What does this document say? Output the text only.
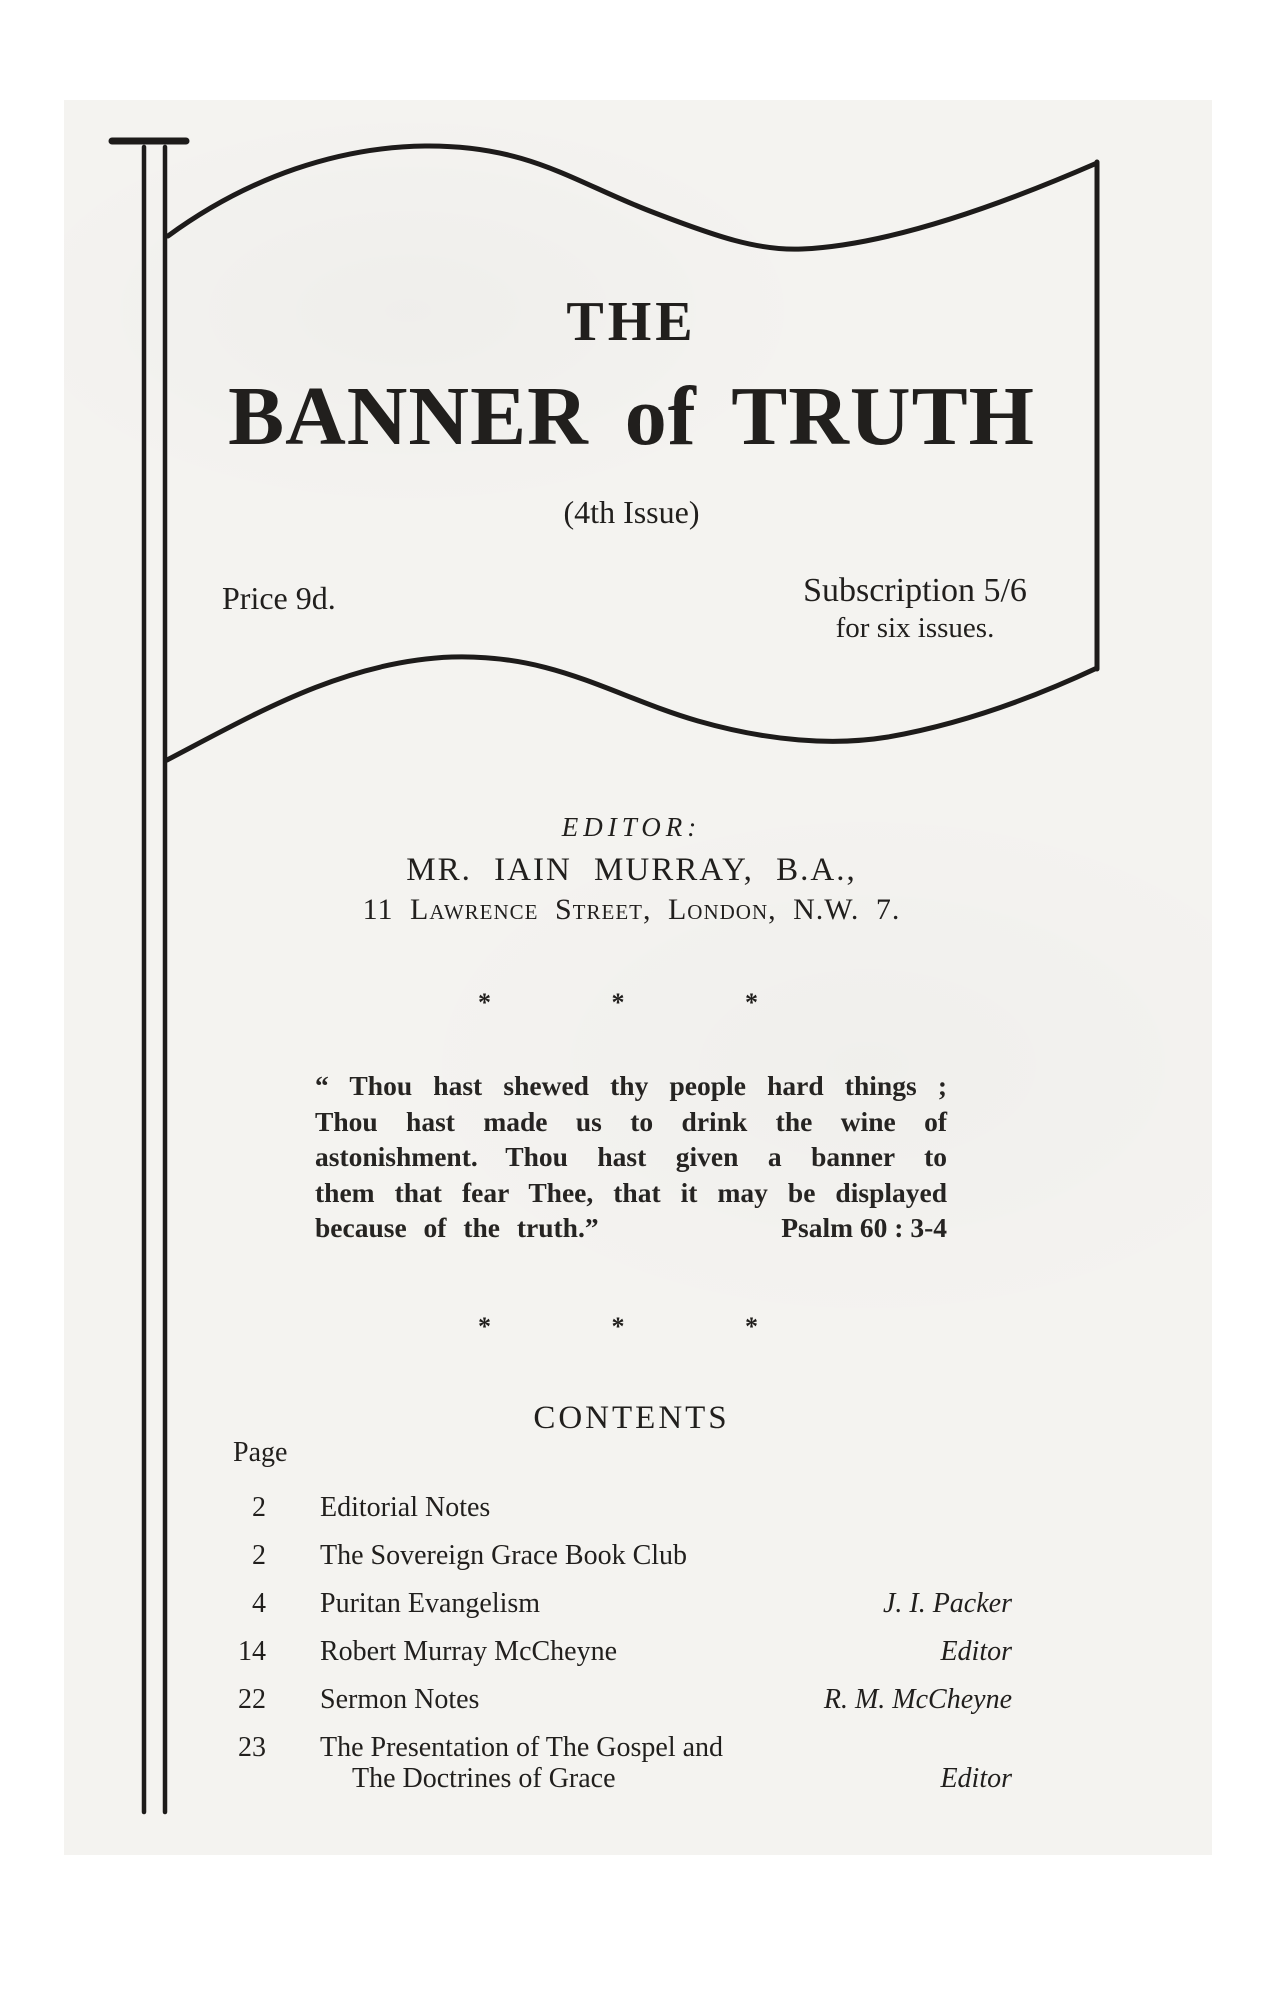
THE
BANNER of TRUTH
(4th Issue)
Price 9d.	Subscription 5/6
for six issues.
EDITOR:
MR. IAIN MURRAY, B.A.,
11 Lawrence Street, London, N.W. 7.
*	*	*
“ Thou hast shewed thy people hard things ;
Thou hast made us to drink the wine of
astonishment. Thou hast given a banner to
them that fear Thee, that it may be displayed
because of the truth.”	Psalm 60 : 3-4
*	*	*
CONTENTS
Page
2	Editorial Notes
2	The Sovereign Grace Book Club
4	Puritan Evangelism	J. I. Packer
14	Robert Murray McCheyne	Editor
22	Sermon Notes	R. M. McCheyne
23 The Presentation of The Gospel and
The Doctrines of Grace	Editor
